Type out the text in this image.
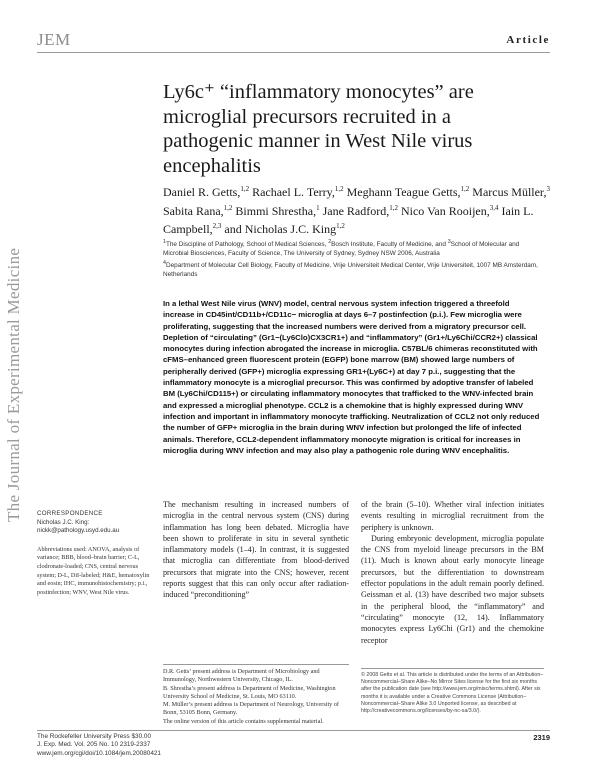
JEM	Article
The Journal of Experimental Medicine
Ly6c⁺ “inflammatory monocytes” are microglial precursors recruited in a pathogenic manner in West Nile virus encephalitis
Daniel R. Getts,$^{1,2}$ Rachael L. Terry,$^{1,2}$ Meghann Teague Getts,$^{1,2}$ Marcus Müller,$^3$ Sabita Rana,$^{1,2}$ Bimmi Shrestha,$^1$ Jane Radford,$^{1,2}$ Nico Van Rooijen,$^{3,4}$ Iain L. Campbell,$^{2,3}$ and Nicholas J.C. King$^{1,2}$
$^1$The Discipline of Pathology, School of Medical Sciences, $^2$Bosch Institute, Faculty of Medicine, and $^3$School of Molecular and Microbial Biosciences, Faculty of Science, The University of Sydney, Sydney NSW 2006, Australia
$^4$Department of Molecular Cell Biology, Faculty of Medicine, Vrije Universiteit Medical Center, Vrije Universiteit, 1007 MB Amsterdam, Netherlands
In a lethal West Nile virus (WNV) model, central nervous system infection triggered a threefold increase in CD45int/CD11b+/CD11c− microglia at days 6–7 postinfection (p.i.). Few microglia were proliferating, suggesting that the increased numbers were derived from a migratory precursor cell. Depletion of “circulating” (Gr1−(Ly6Clo)CX3CR1+) and “inflammatory” (Gr1+/Ly6Chi/CCR2+) classical monocytes during infection abrogated the increase in microglia. C57BL/6 chimeras reconstituted with cFMS–enhanced green fluorescent protein (EGFP) bone marrow (BM) showed large numbers of peripherally derived (GFP+) microglia expressing GR1+(Ly6C+) at day 7 p.i., suggesting that the inflammatory monocyte is a microglial precursor. This was confirmed by adoptive transfer of labeled BM (Ly6Chi/CD115+) or circulating inflammatory monocytes that trafficked to the WNV-infected brain and expressed a microglial phenotype. CCL2 is a chemokine that is highly expressed during WNV infection and important in inflammatory monocyte trafficking. Neutralization of CCL2 not only reduced the number of GFP+ microglia in the brain during WNV infection but prolonged the life of infected animals. Therefore, CCL2-dependent inflammatory monocyte migration is critical for increases in microglia during WNV infection and may also play a pathogenic role during WNV encephalitis.
CORRESPONDENCE
Nicholas J.C. King:
nickk@pathology.usyd.edu.au
Abbreviations used: ANOVA, analysis of variance; BBB, blood–brain barrier; C-L, clodronate-loaded; CNS, central nervous system; D-L, DiI-labeled; H&E, hematoxylin and eosin; IHC, immunohistochemistry; p.i., postinfection; WNV, West Nile virus.

The mechanism resulting in increased numbers of microglia in the central nervous system (CNS) during inflammation has long been debated. Microglia have been shown to proliferate in situ in several synthetic inflammatory models (1–4). In contrast, it is suggested that microglia can differentiate from blood-derived precursors that migrate into the CNS; however, recent reports suggest that this can only occur after radiation-induced “preconditioning”

of the brain (5–10). Whether viral infection initiates events resulting in microglial recruitment from the periphery is unknown.

During embryonic development, microglia populate the CNS from myeloid lineage precursors in the BM (11). Much is known about early monocyte lineage precursors, but the differentiation to downstream effector populations in the adult remain poorly defined. Geissman et al. (13) have described two major subsets in the peripheral blood, the “inflammatory” and “circulating” monocyte (12, 14). Inflammatory monocytes express Ly6Chi (Gr1) and the chemokine receptor

D.R. Getts’ present address is Department of Microbiology and Immunology, Northwestern University, Chicago, IL.
B. Shrestha’s present address is Department of Medicine, Washington University School of Medicine, St. Louis, MO 63110.
M. Müller’s present address is Department of Neurology, University of Bonn, 53105 Bonn, Germany.
The online version of this article contains supplemental material.
© 2008 Getts et al. This article is distributed under the terms of an Attribution–Noncommercial–Share Alike–No Mirror Sites license for the first six months after the publication date (see http://www.jem.org/misc/terms.shtml). After six months it is available under a Creative Commons License (Attribution–Noncommercial–Share Alike 3.0 Unported license, as described at http://creativecommons.org/licenses/by-nc-sa/3.0/).
The Rockefeller University Press $30.00
J. Exp. Med. Vol. 205 No. 10 2319-2337
www.jem.org/cgi/doi/10.1084/jem.20080421
2319
